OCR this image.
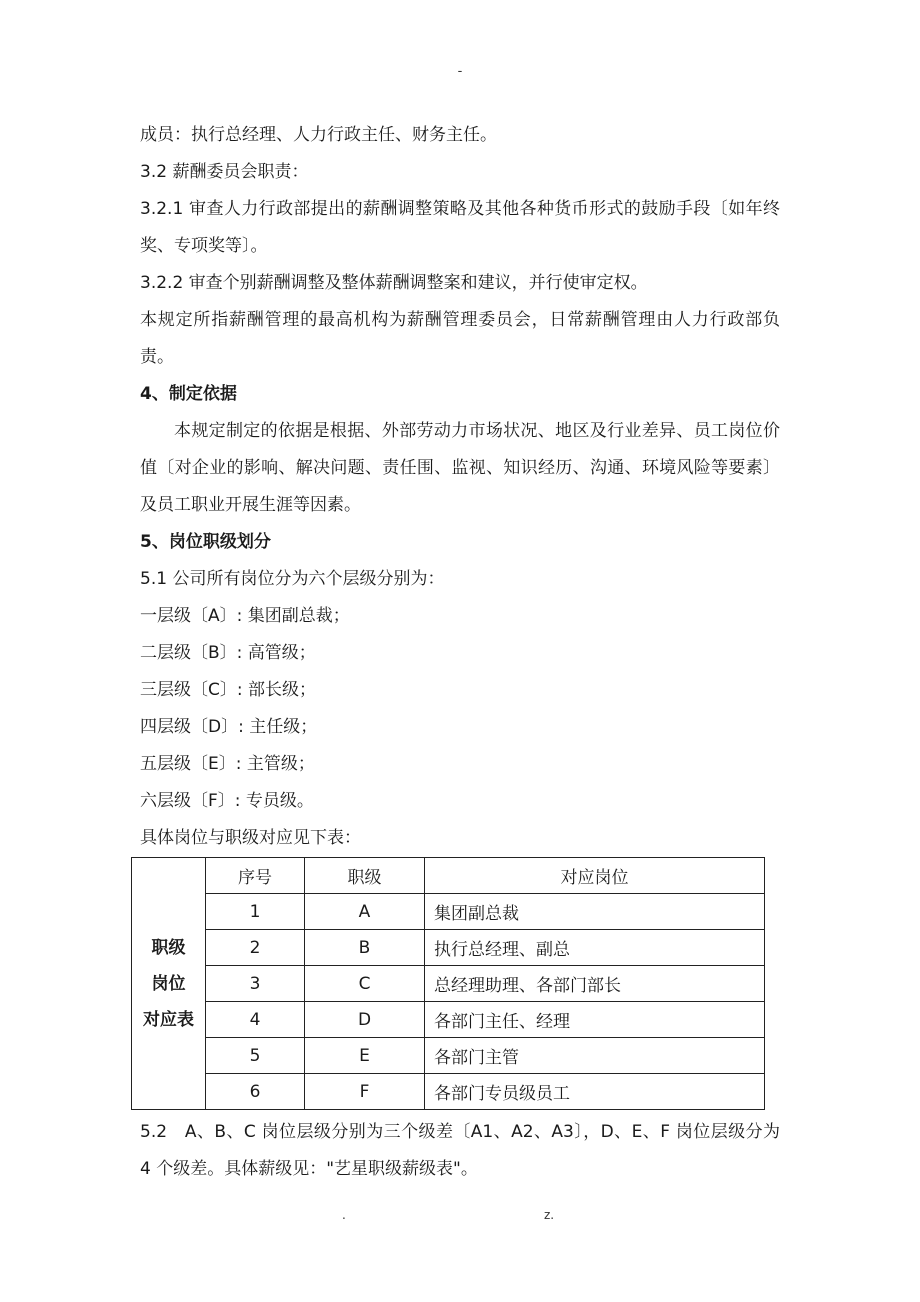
-

成员：执行总经理、人力行政主任、财务主任。

3.2 薪酬委员会职责：

3.2.1 审查人力行政部提出的薪酬调整策略及其他各种货币形式的鼓励手段〔如年终奖、专项奖等〕。

3.2.2 审查个别薪酬调整及整体薪酬调整案和建议，并行使审定权。

本规定所指薪酬管理的最高机构为薪酬管理委员会，日常薪酬管理由人力行政部负责。

4、制定依据

本规定制定的依据是根据、外部劳动力市场状况、地区及行业差异、员工岗位价值〔对企业的影响、解决问题、责任围、监视、知识经历、沟通、环境风险等要素〕及员工职业开展生涯等因素。

5、岗位职级划分

5.1 公司所有岗位分为六个层级分别为：

一层级〔A〕: 集团副总裁；

二层级〔B〕: 高管级；

三层级〔C〕: 部长级；

四层级〔D〕: 主任级；

五层级〔E〕: 主管级；

六层级〔F〕: 专员级。

具体岗位与职级对应见下表：

职级
岗位
对应表	序号	职级	对应岗位
	1	A	集团副总裁
	2	B	执行总经理、副总
	3	C	总经理助理、各部门部长
	4	D	各部门主任、经理
	5	E	各部门主管
	6	F	各部门专员级员工

5.2　A、B、C 岗位层级分别为三个级差〔A1、A2、A3〕，D、E、F 岗位层级分为 4 个级差。具体薪级见："艺星职级薪级表"。

.	z.
